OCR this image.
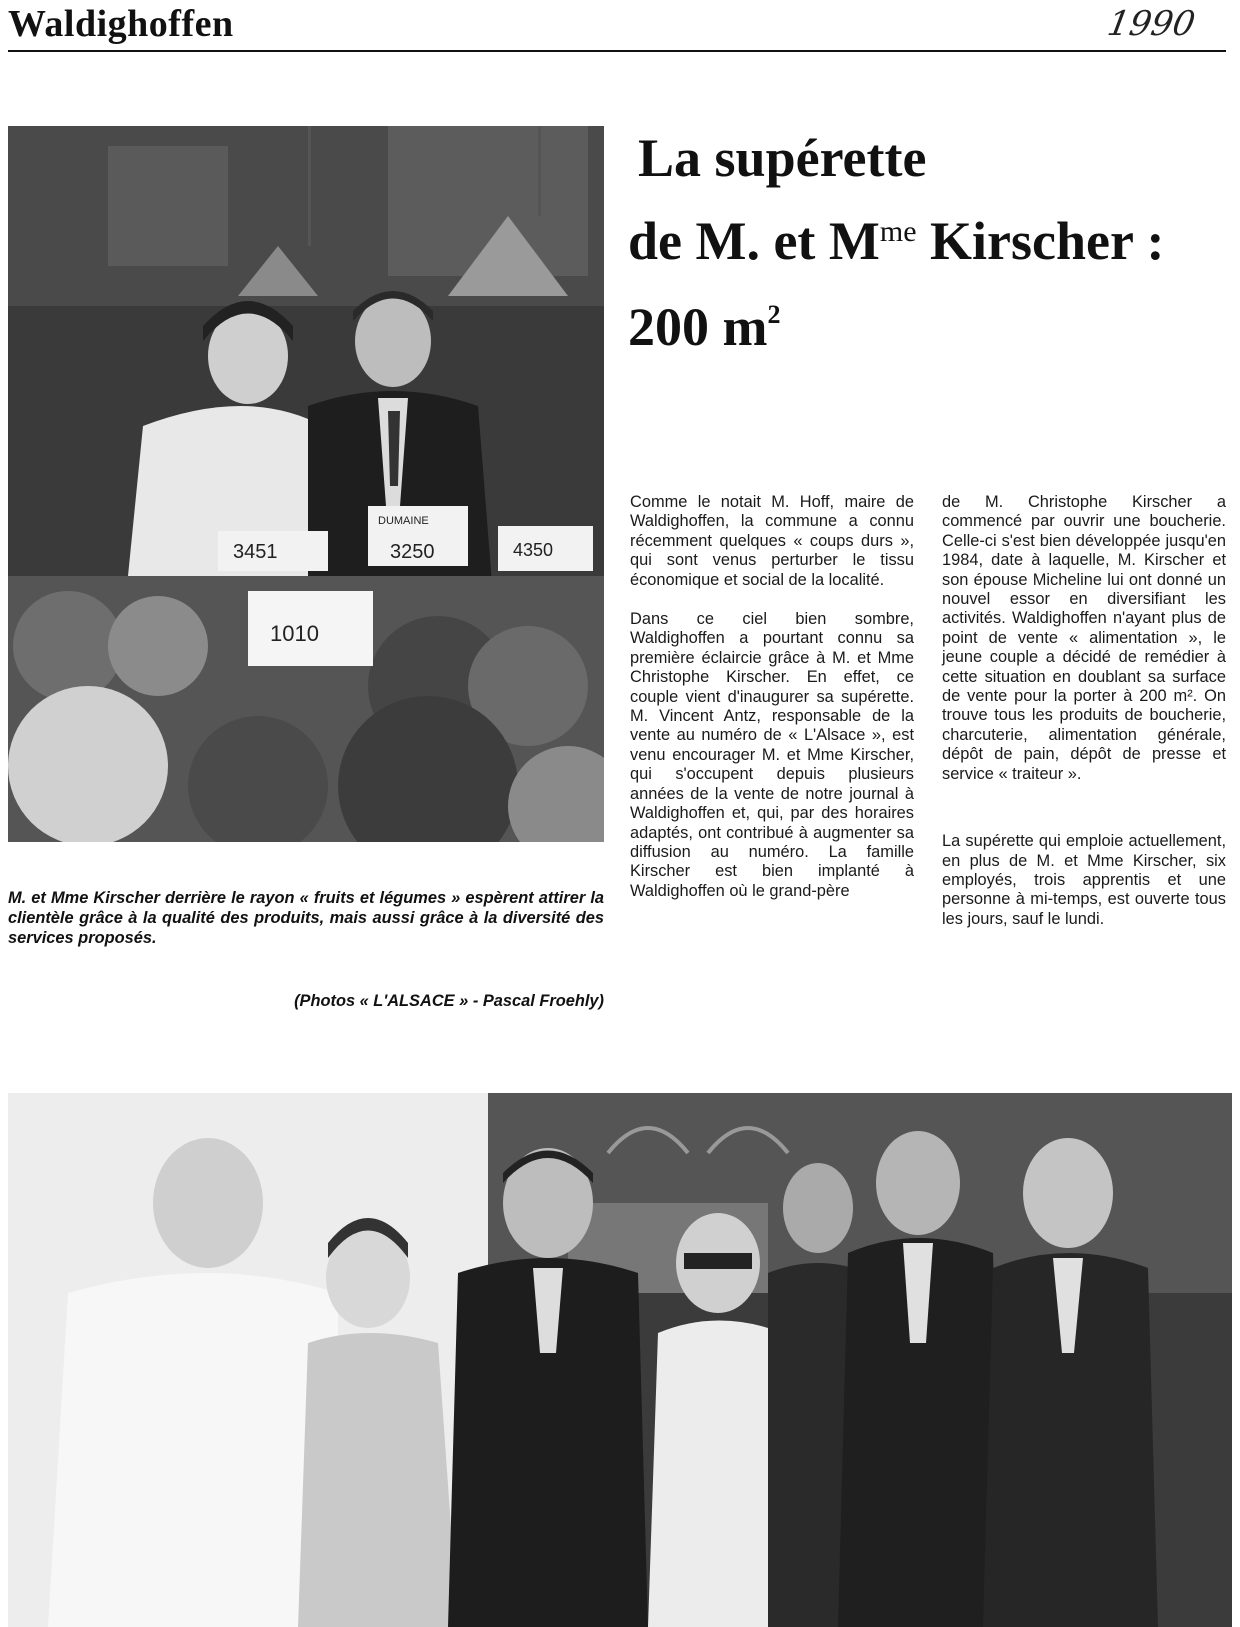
Waldighoffen	1990
3451
DUMAINE
3250	4350
1010
La supérette
de M. et $M^{me}$ Kirscher :
200 $m^2$

Comme le notait M. Hoff, maire de Waldighoffen, la commune a connu récemment quelques « coups durs », qui sont venus perturber le tissu économique et social de la localité.

Dans ce ciel bien sombre, Waldighoffen a pourtant connu sa première éclaircie grâce à M. et Mme Christophe Kirscher. En effet, ce couple vient d'inaugurer sa supérette. M. Vincent Antz, responsable de la vente au numéro de « L'Alsace », est venu encourager M. et Mme Kirscher, qui s'occupent depuis plusieurs années de la vente de notre journal à Waldighoffen et, qui, par des horaires adaptés, ont contribué à augmenter sa diffusion au numéro. La famille Kirscher est bien implanté à Waldighoffen où le grand-père

de M. Christophe Kirscher a commencé par ouvrir une boucherie. Celle-ci s'est bien développée jusqu'en 1984, date à laquelle, M. Kirscher et son épouse Micheline lui ont donné un nouvel essor en diversifiant les activités. Waldighoffen n'ayant plus de point de vente « alimentation », le jeune couple a décidé de remédier à cette situation en doublant sa surface de vente pour la porter à 200 m². On trouve tous les produits de boucherie, charcuterie, alimentation générale, dépôt de pain, dépôt de presse et service « traiteur ».

La supérette qui emploie actuellement, en plus de M. et Mme Kirscher, six employés, trois apprentis et une personne à mi-temps, est ouverte tous les jours, sauf le lundi.

M. et Mme Kirscher derrière le rayon « fruits et légumes » espèrent attirer la clientèle grâce à la qualité des produits, mais aussi grâce à la diversité des services proposés.
(Photos « L'ALSACE » - Pascal Froehly)
